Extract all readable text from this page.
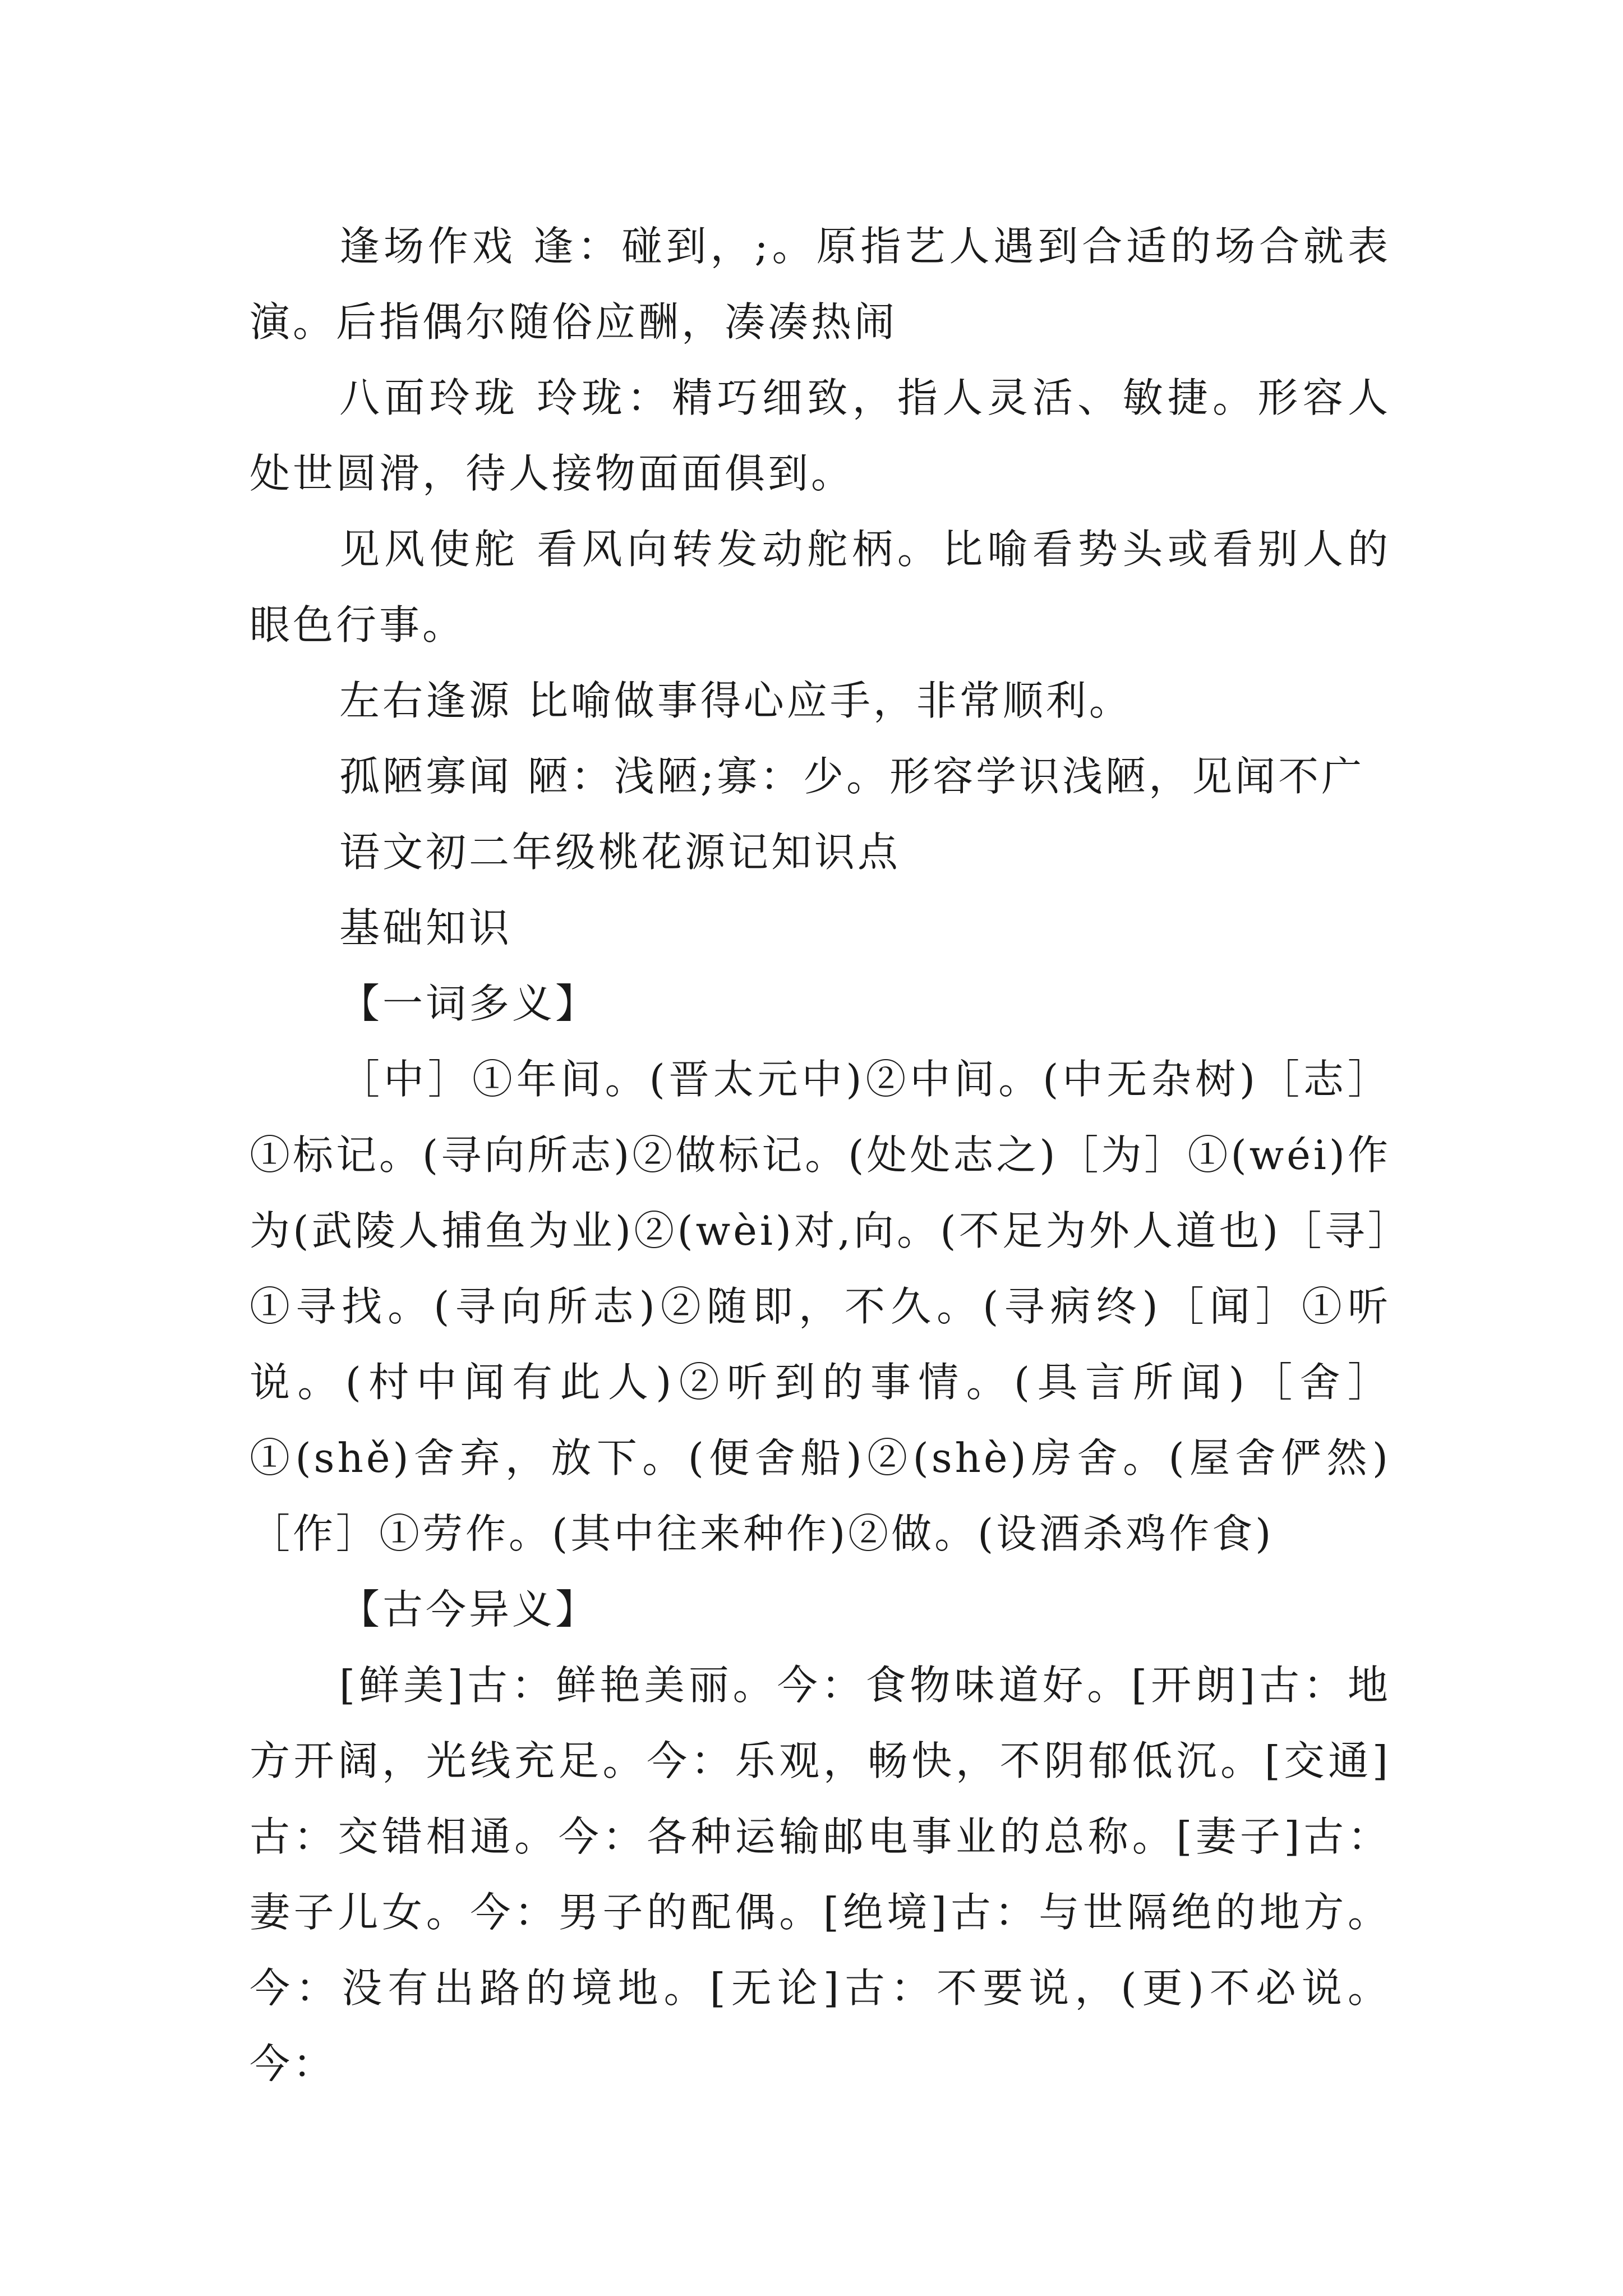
逢场作戏 逢：碰到，;。原指艺人遇到合适的场合就表演。后指偶尔随俗应酬，凑凑热闹

八面玲珑 玲珑：精巧细致，指人灵活、敏捷。形容人处世圆滑，待人接物面面俱到。

见风使舵 看风向转发动舵柄。比喻看势头或看别人的眼色行事。

左右逢源 比喻做事得心应手，非常顺利。

孤陋寡闻 陋：浅陋;寡：少。形容学识浅陋，见闻不广

语文初二年级桃花源记知识点

基础知识

【一词多义】

［中］①年间。(晋太元中)②中间。(中无杂树)［志］①标记。(寻向所志)②做标记。(处处志之)［为］①(wéi)作为(武陵人捕鱼为业)②(wèi)对,向。(不足为外人道也)［寻］①寻找。(寻向所志)②随即，不久。(寻病终)［闻］①听说。(村中闻有此人)②听到的事情。(具言所闻)［舍］①(shě)舍弃，放下。(便舍船)②(shè)房舍。(屋舍俨然)［作］①劳作。(其中往来种作)②做。(设酒杀鸡作食)

【古今异义】

[鲜美]古：鲜艳美丽。今：食物味道好。[开朗]古：地方开阔，光线充足。今：乐观，畅快，不阴郁低沉。[交通]古：交错相通。今：各种运输邮电事业的总称。[妻子]古：妻子儿女。今：男子的配偶。[绝境]古：与世隔绝的地方。今：没有出路的境地。[无论]古：不要说，(更)不必说。今：
